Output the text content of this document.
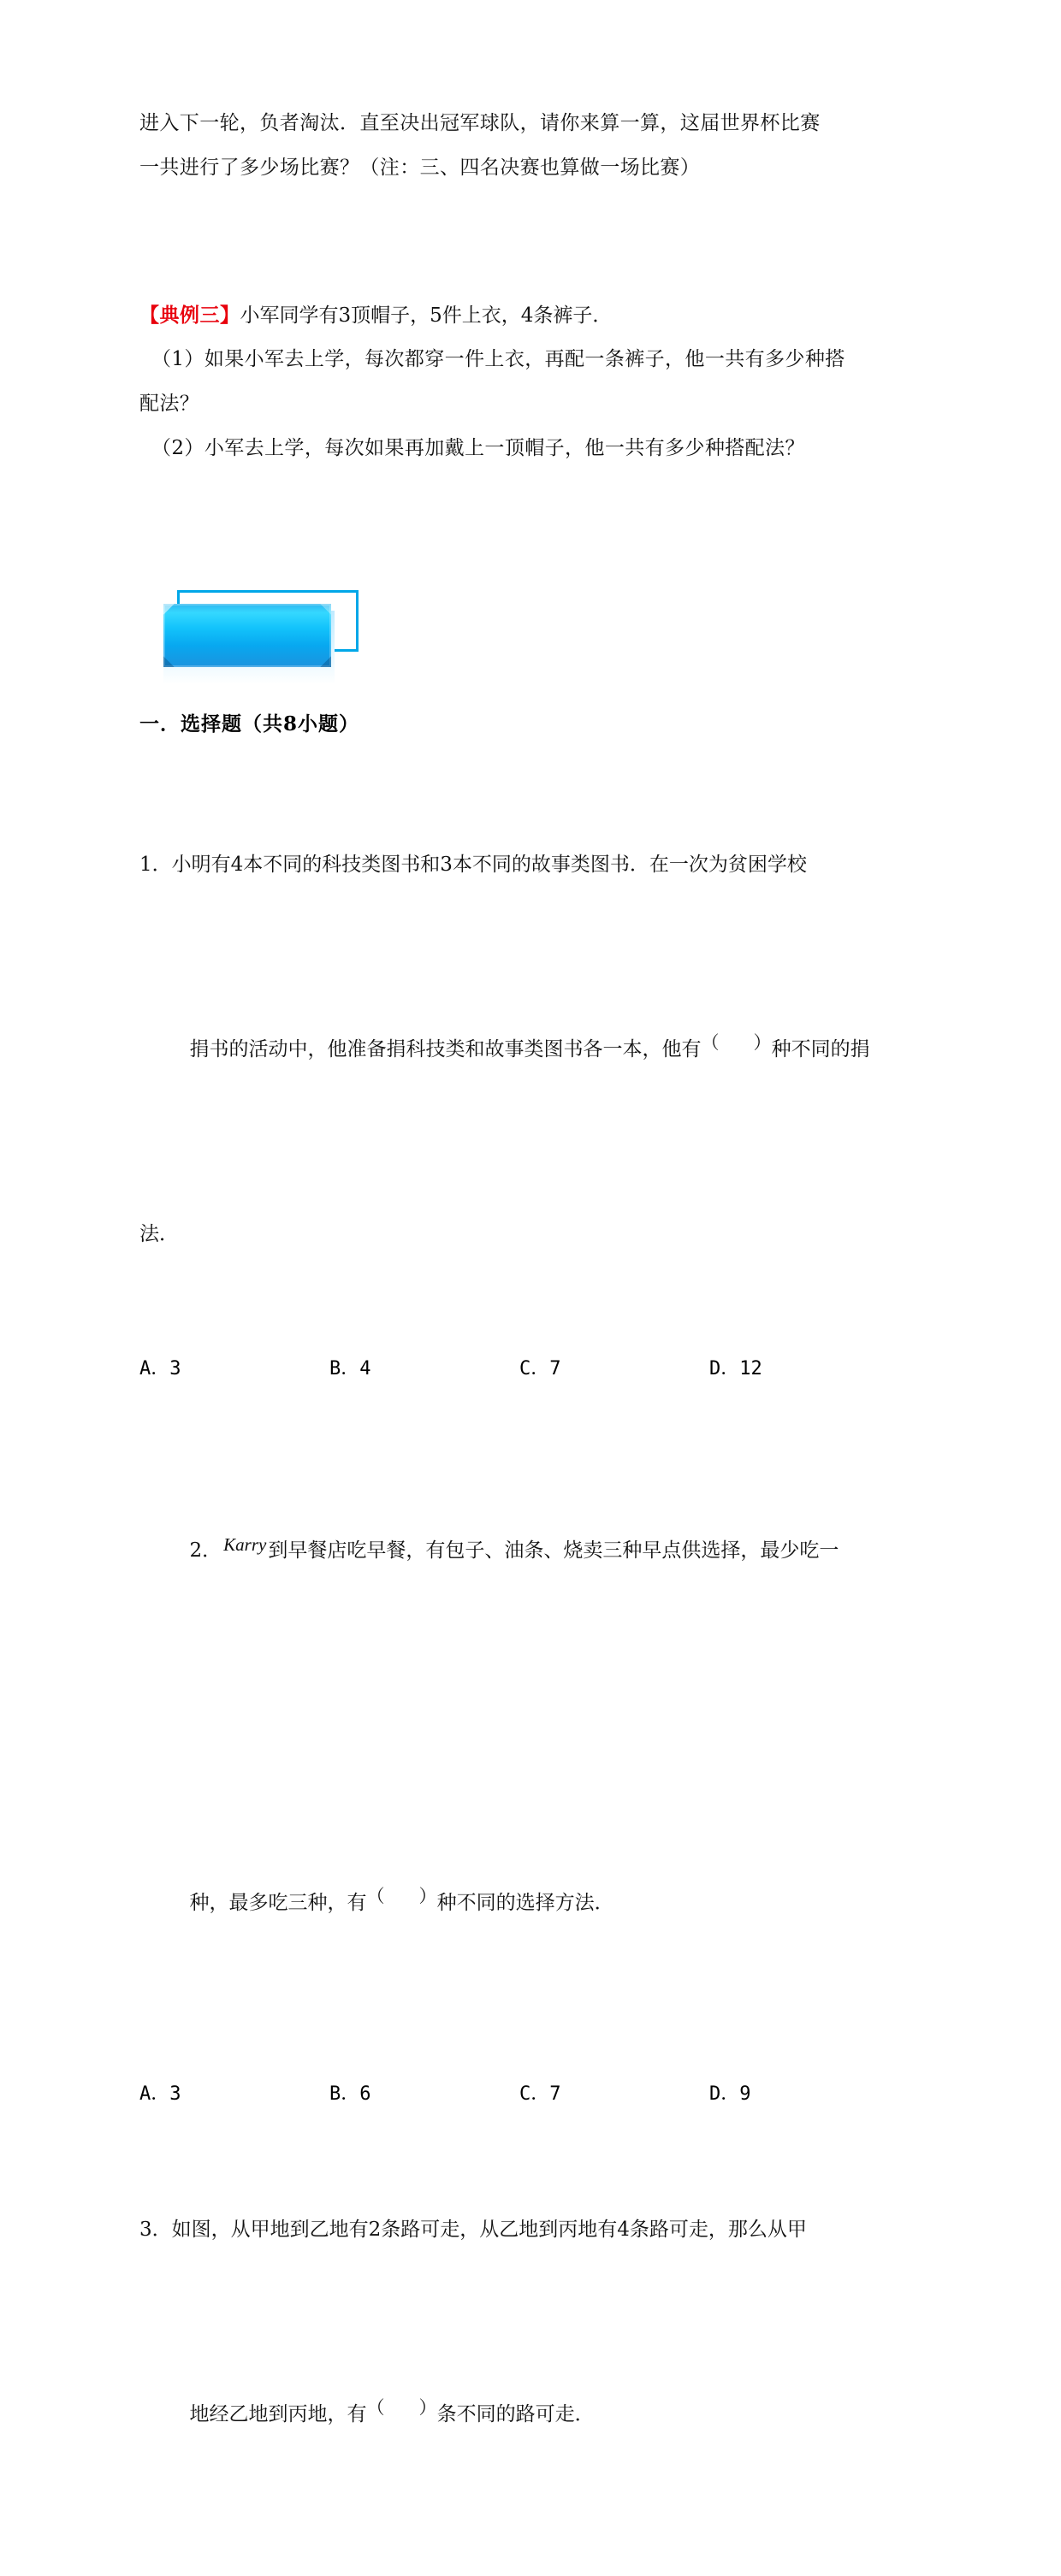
进入下一轮，负者淘汰．直至决出冠军球队，请你来算一算，这届世界杯比赛
一共进行了多少场比赛？（注：三、四名决赛也算做一场比赛）
【典例三】小军同学有3顶帽子，5件上衣，4条裤子．
（1）如果小军去上学，每次都穿一件上衣，再配一条裤子，他一共有多少种搭
配法？
（2）小军去上学，每次如果再加戴上一顶帽子，他一共有多少种搭配法？
一．选择题（共8小题）

1．小明有4本不同的科技类图书和3本不同的故事类图书．在一次为贫困学校

捐书的活动中，他准备捐科技类和故事类图书各一本，他有（      ）种不同的捐

法．

A．3	B．4	C．7	D．12

2．Karry到早餐店吃早餐，有包子、油条、烧卖三种早点供选择，最少吃一

种，最多吃三种，有（      ）种不同的选择方法．

A．3	B．6	C．7	D．9

3．如图，从甲地到乙地有2条路可走，从乙地到丙地有4条路可走，那么从甲

地经乙地到丙地，有（      ）条不同的路可走．
